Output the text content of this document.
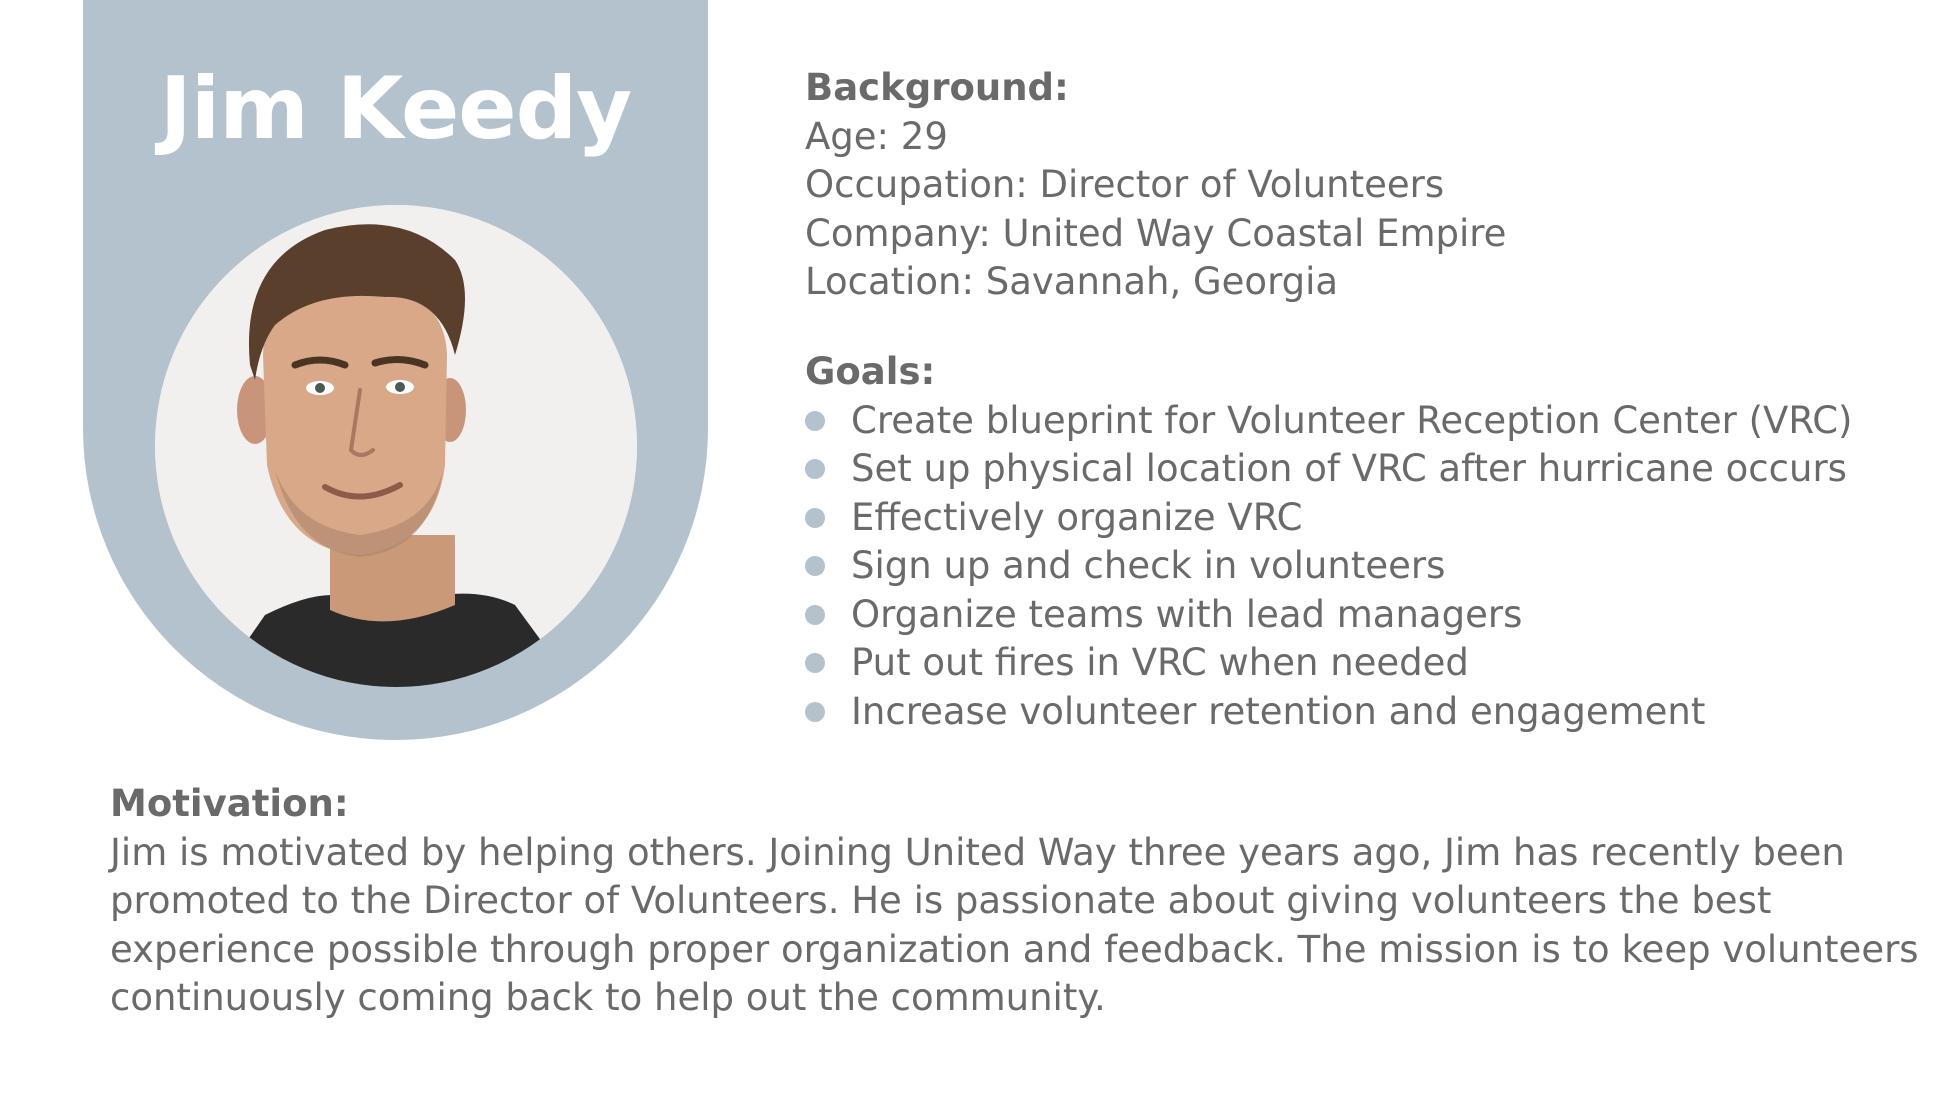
Jim Keedy	Background:
Age: 29
Occupation: Director of Volunteers
Company: United Way Coastal Empire
Location: Savannah, Georgia
Goals:
Create blueprint for Volunteer Reception Center (VRC)
Set up physical location of VRC after hurricane occurs
Effectively organize VRC
Sign up and check in volunteers
Organize teams with lead managers
Put out fires in VRC when needed
Increase volunteer retention and engagement
Motivation:
Jim is motivated by helping others. Joining United Way three years ago, Jim has recently been
promoted to the Director of Volunteers. He is passionate about giving volunteers the best
experience possible through proper organization and feedback. The mission is to keep volunteers
continuously coming back to help out the community.
